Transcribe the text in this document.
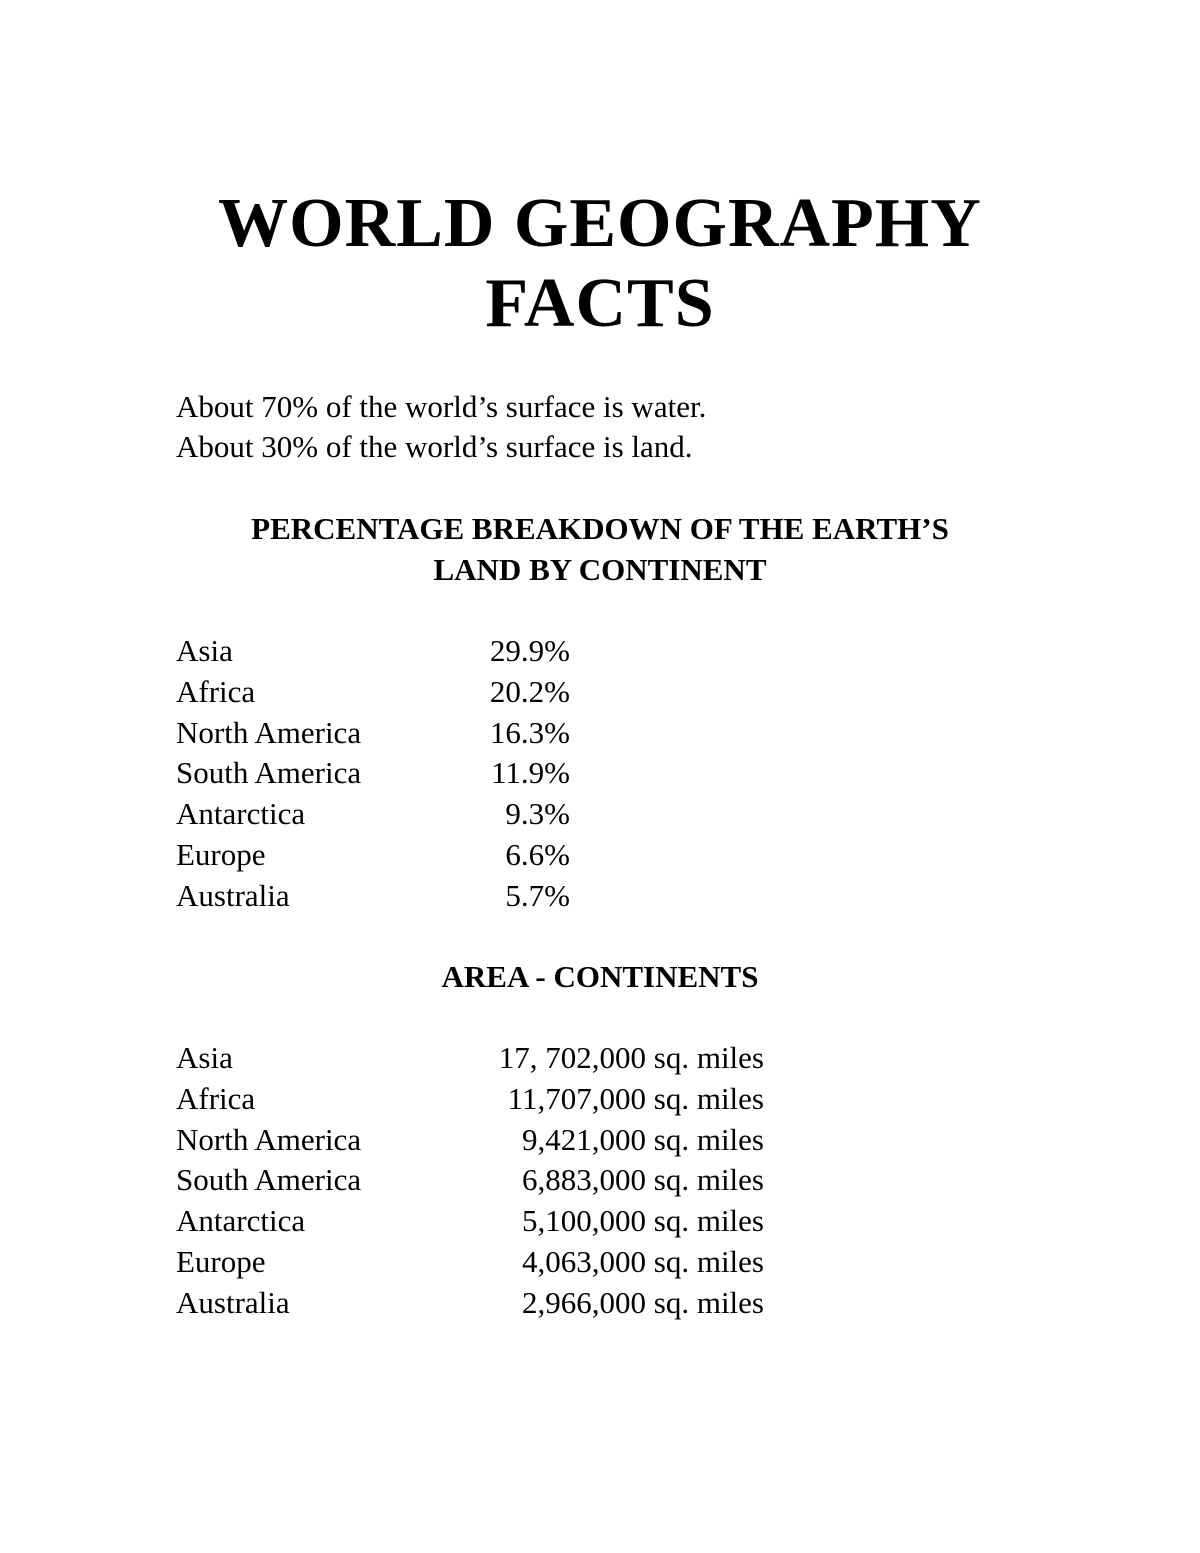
WORLD GEOGRAPHY
FACTS
About 70% of the world’s surface is water.
About 30% of the world’s surface is land.
PERCENTAGE BREAKDOWN OF THE EARTH’S
LAND BY CONTINENT
Asia	29.9%
Africa	20.2%
North America	16.3%
South America	11.9%
Antarctica	9.3%
Europe	6.6%
Australia	5.7%
AREA - CONTINENTS
Asia	17, 702,000 sq. miles
Africa	11,707,000 sq. miles
North America	9,421,000 sq. miles
South America	6,883,000 sq. miles
Antarctica	5,100,000 sq. miles
Europe	4,063,000 sq. miles
Australia	2,966,000 sq. miles
